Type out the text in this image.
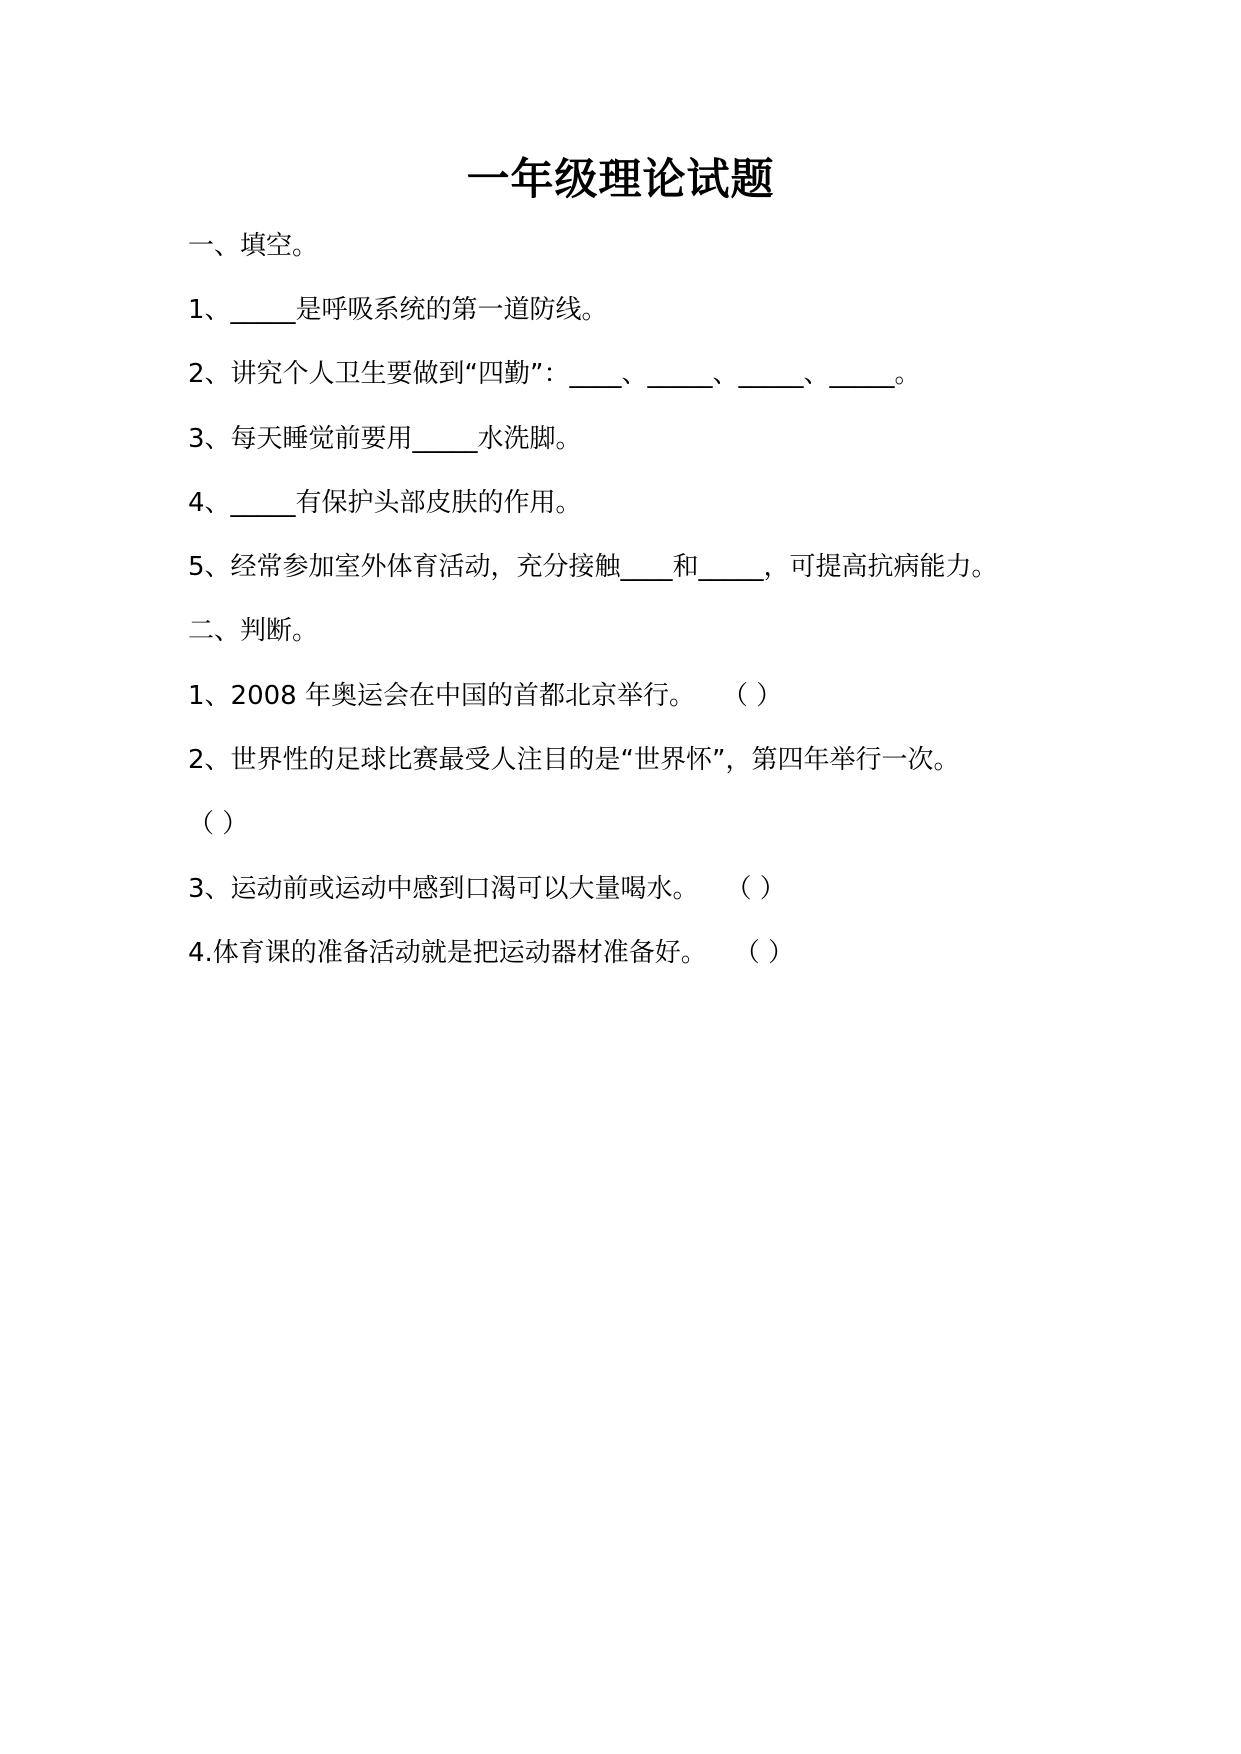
一年级理论试题
一、填空。
1、_____是呼吸系统的第一道防线。
2、讲究个人卫生要做到“四勤”：____、_____、_____、_____。
3、每天睡觉前要用_____水洗脚。
4、_____有保护头部皮肤的作用。
5、经常参加室外体育活动，充分接触____和_____，可提高抗病能力。
二、判断。
1、2008 年奥运会在中国的首都北京举行。 （ ）
2、世界性的足球比赛最受人注目的是“世界怀”，第四年举行一次。
（ ）
3、运动前或运动中感到口渴可以大量喝水。 （ ）
4.体育课的准备活动就是把运动器材准备好。 （ ）
